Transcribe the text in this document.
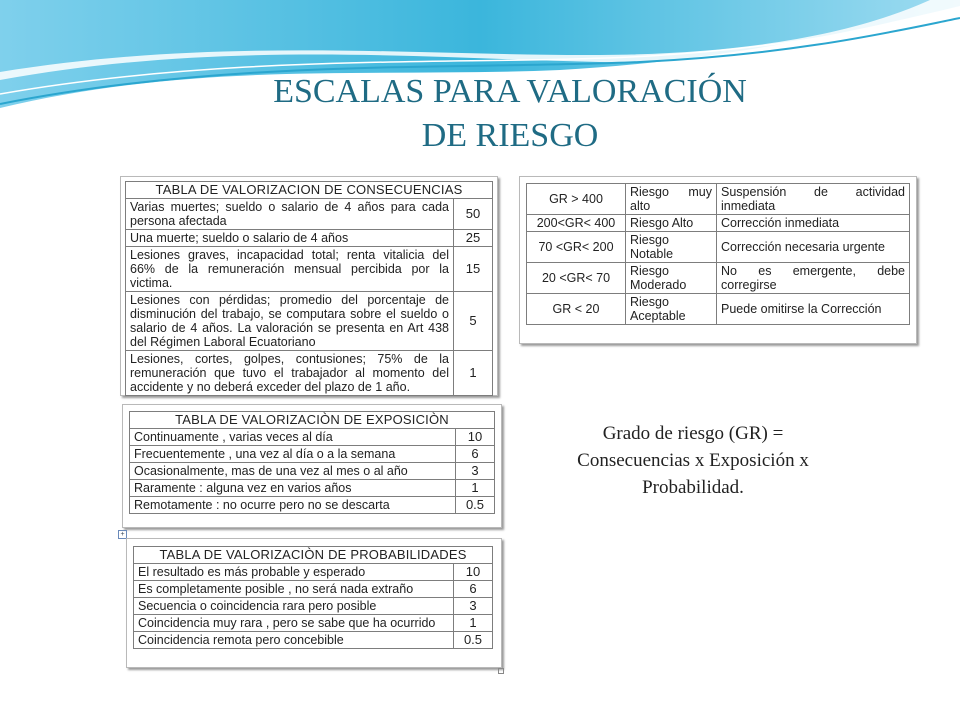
ESCALAS PARA VALORACIÓN
DE RIESGO
TABLA DE VALORIZACION DE CONSECUENCIAS	
Varias muertes; sueldo o salario de 4 años para cada persona afectada	50
Una muerte; sueldo o salario de 4 años	25
Lesiones graves, incapacidad total; renta vitalicia del 66% de la remuneración mensual percibida por la victima.	15
Lesiones con pérdidas; promedio del porcentaje de disminución del trabajo, se computara sobre el sueldo o salario de 4 años. La valoración se presenta en Art 438 del Régimen Laboral Ecuatoriano	5
Lesiones, cortes, golpes, contusiones; 75% de la remuneración que tuvo el trabajador al momento del accidente y no deberá exceder del plazo de 1 año.	1
GR > 400	Riesgo muy alto	Suspensión de actividad inmediata
200<GR< 400	Riesgo Alto	Corrección inmediata
70 <GR< 200	Riesgo Notable	Corrección necesaria urgente
20 <GR< 70	Riesgo Moderado	No es emergente, debe corregirse
GR < 20	Riesgo Aceptable	Puede omitirse la Corrección
TABLA DE VALORIZACIÒN DE EXPOSICIÒN	
Continuamente , varias veces al día	10
Frecuentemente , una vez al día o a la semana	6
Ocasionalmente, mas de una vez al mes o al año	3
Raramente : alguna vez en varios años	1
Remotamente : no ocurre pero no se descarta	0.5
+
TABLA DE VALORIZACIÒN DE PROBABILIDADES	
El resultado es más probable y esperado	10
Es completamente posible , no será nada extraño	6
Secuencia o coincidencia rara pero posible	3
Coincidencia muy rara , pero se sabe que ha ocurrido	1
Coincidencia remota pero concebible	0.5
Grado de riesgo (GR) =
Consecuencias x Exposición x
Probabilidad.
